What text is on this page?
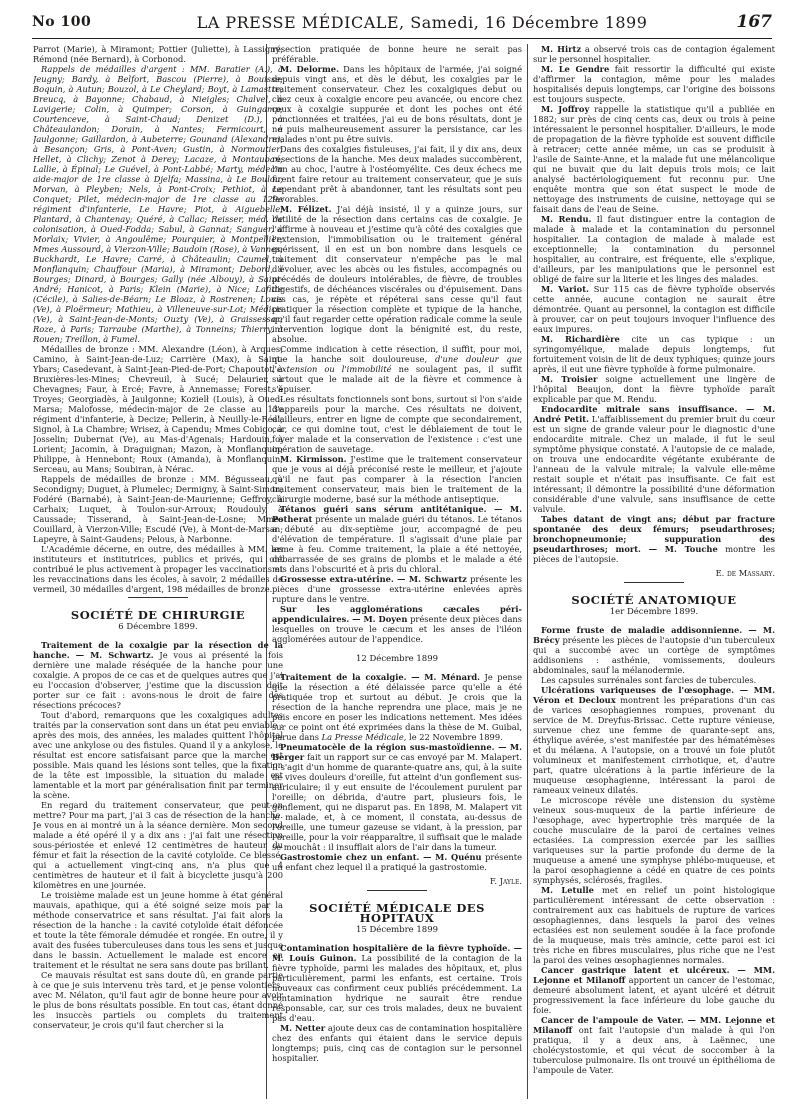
No 100	LA PRESSE MÉDICALE, Samedi, 16 Décembre 1899	167

Parrot (Marie), à Miramont; Pottier (Juliette), à Lassigny; Rémond (née Bernard), à Corbonod.

Rappels de médailles d'argent : MM. Baratier (A.), à Jeugny; Bardy, à Belfort, Bascou (Pierre), à Bouisse; Boquin, à Autun; Bouzol, à Le Cheylard; Boyt, à Lamastre; Breucq, à Bayonne; Chabaud, à Nieigles; Chalvel, à Lavigerie; Colin, à Quimper; Corson, à Guingamp; Courtenceve, à Saint-Chaud; Denizet (D.), à Châteaulandon; Dorain, à Nantes; Fermicourt, à Jaulgonne; Gaillardon, à Aubeterre; Gounand (Alexandre), à Besançon; Gris, à Pont-Aven; Gustin, à Normoutier; Hellet, à Clichy; Zenot à Derey; Lacaze, à Montauban; Lallie, à Épinal; Le Guével, à Pont-Labbé; Marty, médecin aide-major de 1re classe à Djelfa; Massina, à Le Boulou; Morvan, à Pleyben; Nels, à Pont-Croix; Pethiot, à Le Conquet; Pilet, médecin-major de 1re classe au 129e régiment d'infanterie, Le Havre; Piot, à Aiguebelle; Plantard, à Chantenay; Quéré, à Callac; Reisser, méd. de colonisation, à Oued-Fodda; Sabul, à Gannat; Sanguer, à Morlaix; Vivier, à Angoulême; Pourquier, à Montpellier; Mmes Aussourd, à Vierzon-Ville; Baudoin (Rose), à Vannes; Buckhardt, Le Havre; Carré, à Châteaulin; Caumel, à Monflanquin; Chauffour (Maria), à Miramont; Debord, à Bourges; Dinard, à Bourges; Gally (née Albouy), à Saint-André; Hanicot, à Paris; Klein (Marie), à Nice; Lafitte (Cécile), à Salies-de-Béarn; Le Bloaz, à Rostrenen; Louis (Ve), à Ploërmeur; Mathieu, à Villeneuve-sur-Lot; Médicis (Ve), à Saint-Jean-de-Monts; Ouzty (Ve), à Graissessac; Roze, à Paris; Tarraube (Marthe), à Tonneins; Thierry, à Rouen; Treillon, à Fumel.

Médailles de bronze : MM. Alexandre (Léon), à Arques; Camino, à Saint-Jean-de-Luz; Carrière (Max), à Saint-Ybars; Casedevant, à Saint-Jean-Pied-de-Port; Chapoutot, à Bruxières-les-Mines; Chevreuil, à Sucé; Delaurier, à Chevagnes; Faur, à Ercé; Favre, à Annemasse; Forest, à Troyes; Georgiadès, à Jaulgonne; Kozielł (Louis), à Oued-Marsa; Malofosse, médecin-major de 2e classe au 13e régiment d'infanterie, à Decize; Pellerin, à Neuilly-le-Réal; Signol, à La Chambre; Wrisez, à Capendu; Mmes Cobigo, à Josselin; Dubernat (Ve), au Mas-d'Agenais; Hardouin, à Lorient; Jacomin, à Draguignan; Mazon, à Monflanquin; Philippe, à Hennebont; Roux (Amanda), à Monflanquin; Serceau, au Mans; Soubiran, à Nérac.

Rappels de médailles de bronze : MM. Bégusseau, à Secondigny; Duguet, à Plumelec; Dermigny, à Saint-Simon; Fodéré (Barnabé), à Saint-Jean-de-Maurienne; Geffroy, à Carhaix; Luquet, à Toulon-sur-Arroux; Roudouly, à Caussade; Tisserand, à Saint-Jean-de-Losne; Mmes Couillard, à Vierzon-Ville; Escudé (Ve), à Mont-de-Marsan; Lapeyre, à Saint-Gaudens; Pelous, à Narbonne.

L'Académie décerne, en outre, des médailles à MM. les instituteurs et institutrices, publics et privés, qui ont contribué le plus activement à propager les vaccinations et les revaccinations dans les écoles, à savoir, 2 médailles de vermeil, 30 médailles d'argent, 198 médailles de bronze.

SOCIÉTÉ DE CHIRURGIE
6 Décembre 1899.

Traitement de la coxalgie par la résection de la hanche. — M. Schwartz. Je vous ai présenté la fois dernière une malade réséquée de la hanche pour une coxalgie. A propos de ce cas et de quelques autres que j'ai eu l'occasion d'observer, j'estime que la discussion doit porter sur ce fait : avons-nous le droit de faire des résections précoces?

Tout d'abord, remarquons que les coxalgiques adultes traités par la conservation sont dans un état peu enviable : après des mois, des années, les malades quittent l'hôpital avec une ankylose ou des fistules. Quand il y a ankylose, le résultat est encore satisfaisant parce que la marche est possible. Mais quand les lésions sont telles, que la fixation de la tête est impossible, la situation du malade est lamentable et la mort par généralisation finit par terminer la scène.

En regard du traitement conservateur, que peut-on mettre? Pour ma part, j'ai 3 cas de résection de la hanche. Je vous en ai montré un à la séance dernière. Mon second malade a été opéré il y a dix ans : j'ai fait une résection sous-périostée et enlevé 12 centimètres de hauteur du fémur et fait la résection de la cavité cotyloïde. Ce blessé, qui a actuellement vingt-cinq ans, n'a plus que 4 centimètres de hauteur et il fait à bicyclette jusqu'à 200 kilomètres en une journée.

Le troisième malade est un jeune homme à état général mauvais, apathique, qui a été soigné seize mois par la méthode conservatrice et sans résultat. J'ai fait alors la résection de la hanche : la cavité cotyloïde était défoncée et toute la tête fémorale démudée et rongée. En outre, il y avait des fusées tuberculeuses dans tous les sens et jusque dans le bassin. Actuellement le malade est encore en traitement et le résultat ne sera sans doute pas brillant.

Ce mauvais résultat est sans doute dû, en grande partie à ce que je suis intervenu très tard, et je pense volontiers, avec M. Nélaton, qu'il faut agir de bonne heure pour avoir le plus de bons résultats possible. En tout cas, étant donné les insuccès partiels ou complets du traitement conservateur, je crois qu'il faut chercher si la

résection pratiquée de bonne heure ne serait pas préférable.

M. Delorme. Dans les hôpitaux de l'armée, j'ai soigné depuis vingt ans, et dès le début, les coxalgies par le traitement conservateur. Chez les coxalgiques debut ou chez ceux à coxalgie encore peu avancée, ou encore chez ceux à coxalgie suppurée et dont les poches ont été ponctionnées et traitées, j'ai eu de bons résultats, dont je ne puis malheureusement assurer la persistance, car les malades n'ont pu être suivis.

Dans des coxalgies fistuleuses, j'ai fait, il y dix ans, deux résections de la hanche. Mes deux malades succombèrent, l'un au choc, l'autre à l'ostéomyélite. Ces deux échecs me firent faire retour au traitement conservateur, que je suis cependant prêt à abandonner, tant les résultats sont peu favorables.

M. Félizet. J'ai déjà insisté, il y a quinze jours, sur l'utilité de la résection dans certains cas de coxalgie. Je l'affirme à nouveau et j'estime qu'à côté des coxalgies que l'extension, l'immobilisation ou le traitement général guérissent, il en est un bon nombre dans lesquels ce traitement dit conservateur n'empêche pas le mal d'évoluer, avec les abcès ou les fistules, accompagnés ou précédés de douleurs intolérables, de fièvre, de troubles digestifs, de déchéances viscérales ou d'épuisement. Dans ces cas, je répète et répéterai sans cesse qu'il faut pratiquer la résection complète et typique de la hanche, qu'il faut regarder cette opération radicale comme la seule intervention logique dont la bénignité est, du reste, absolue.

Comme indication à cette résection, il suffit, pour moi, que la hanche soit douloureuse, d'une douleur que l'extension ou l'immobilité ne soulagent pas, il suffit surtout que le malade ait de la fièvre et commence à s'épuiser.

Les résultats fonctionnels sont bons, surtout si l'on s'aide d'appareils pour la marche. Ces résultats ne doivent, d'ailleurs, entrer en ligne de compte que secondairement, car, ce qui domine tout, c'est le déblaiement de tout le foyer malade et la conservation de l'existence : c'est une opération de sauvetage.

M. Kirmisson. J'estime que le traitement conservateur que je vous ai déjà préconisé reste le meilleur, et j'ajoute qu'il ne faut pas comparer à la résection l'ancien traitement conservateur, mais bien le traitement de la chirurgie moderne, basé sur la méthode antiseptique.

Tétanos guéri sans sérum antitétanique. — M. Potherat présente un malade guéri du tétanos. Le tétanos a débuté au dix-septième jour, accompagné de peu d'élévation de température. Il s'agissait d'une plaie par arme à feu. Comme traitement, la plaie a été nettoyée, débarrassée de ses grains de plombs et le malade a été mis dans l'obscurité et à pris du chloral.

Grossesse extra-utérine. — M. Schwartz présente les pièces d'une grossesse extra-utérine enlevées après rupture dans le ventre.

Sur les agglomérations cæcales péri-appendiculaires. — M. Doyen présente deux pièces dans lesquelles on trouve le cæcum et les anses de l'iléon agglomérées autour de l'appendice.

12 Décembre 1899

Traitement de la coxalgie. — M. Ménard. Je pense que la résection a été délaissée parce qu'elle a été pratiquée trop et surtout au début. Je crois que la résection de la hanche reprendra une place, mais je ne puis encore en poser les indications nettement. Mes idées sur ce point ont été exprimées dans la thèse de M. Guibal, parue dans La Presse Médicale, le 22 Novembre 1899.

Pneumatocèle de la région sus-mastoïdienne. — M. Berger fait un rapport sur ce cas envoyé par M. Malapert. Il s'agit d'un homme de quarante-quatre ans, qui, à la suite de vives douleurs d'oreille, fut atteint d'un gonflement sus-auriculaire; il y eut ensuite de l'écoulement purulent par l'oreille; on débrida, d'autre part, plusieurs fois, le gonflement, qui ne disparut pas. En 1898, M. Malapert vit le malade, et, à ce moment, il constata, au-dessus de l'oreille, une tumeur gazeuse se vidant, à la pression, par l'oreille, pour la voir réapparaître, il suffisait que le malade se mouchât : il insufflait alors de l'air dans la tumeur.

Gastrostomie chez un enfant. — M. Quénu présente un enfant chez lequel il a pratiqué la gastrostomie.

F. Jayle.
SOCIÉTÉ MÉDICALE DES HOPITAUX
15 Décembre 1899

Contamination hospitalière de la fièvre typhoïde. — M. Louis Guinon. La possibilité de la contagion de la fièvre typhoïde, parmi les malades des hôpitaux, et, plus particulièrement, parmi les enfants, est certaine. Trois nouveaux cas confirment ceux publiés précédemment. La contamination hydrique ne saurait être rendue responsable, car, sur ces trois malades, deux ne buvaient pas d'eau.

M. Netter ajoute deux cas de contamination hospitalière chez des enfants qui étaient dans le service depuis longtemps; puis, cinq cas de contagion sur le personnel hospitalier.

M. Hirtz a observé trois cas de contagion également sur le personnel hospitalier.

M. Le Gendre fait ressortir la difficulté qui existe d'affirmer la contagion, même pour les malades hospitalisés depuis longtemps, car l'origine des boissons est toujours suspecte.

M. Joffroy rappelle la statistique qu'il a publiée en 1882; sur près de cinq cents cas, deux ou trois à peine intéressaient le personnel hospitalier. D'ailleurs, le mode de propagation de la fièvre typhoïde est souvent difficile à retracer; cette année même, un cas se produisit à l'asile de Sainte-Anne, et la malade fut une mélancolique qui ne buvait que du lait depuis trois mois; ce lait analysé bactériologiquement fut reconnu pur. Une enquête montra que son état suspect le mode de nettoyage des instruments de cuisine, nettoyage qui se faisait dans de l'eau de Seine.

M. Rendu. Il faut distinguer entre la contagion de malade à malade et la contamination du personnel hospitalier. La contagion de malade à malade est exceptionnelle; la contamination du personnel hospitalier, au contraire, est fréquente, elle s'explique, d'ailleurs, par les manipulations que le personnel est obligé de faire sur la literie et les linges des malades.

M. Variot. Sur 115 cas de fièvre typhoïde observés cette année, aucune contagion ne saurait être démontrée. Quant au personnel, la contagion est difficile à prouver, car on peut toujours invoquer l'influence des eaux impures.

M. Richardière cite un cas typique : un syringomyélique, malade depuis longtemps, fut fortuitement voisin de lit de deux typhiques; quinze jours après, il eut une fièvre typhoïde à forme pulmonaire.

M. Troisier soigne actuellement une lingère de l'hôpital Beaujon, dont la fièvre typhoïde paraît explicable par que M. Rendu.

Endocardite mitrale sans insuffisance. — M. André Petit. L'affaiblissement du premier bruit du cœur est un signe de grande valeur pour le diagnostic d'une endocardite mitrale. Chez un malade, il fut le seul symptôme physique constaté. A l'autopsie de ce malade, on trouva une endocardite végétante exubérante de l'anneau de la valvule mitrale; la valvule elle-même restait souple et n'était pas insuffisante. Ce fait est intéressant; il démontre la possibilité d'une déformation considérable d'une valvule, sans insuffisance de cette valvule.

Tabes datant de vingt ans; début par fracture spontanée des deux fémurs; pseudarthroses; bronchopneumonie; suppuration des pseudarthroses; mort. — M. Touche montre les pièces de l'autopsie.

E. de Massary.
SOCIÉTÉ ANATOMIQUE
1er Décembre 1899.

Forme fruste de maladie addisonnienne. — M. Brécy présente les pièces de l'autopsie d'un tuberculeux qui a succombé avec un cortège de symptômes addisoniens : asthénie, vomissements, douleurs abdominales, sauf la mélanodermie.

Les capsules surrénales sont farcies de tubercules.

Ulcérations variqueuses de l'œsophage. — MM. Véron et Decloux montrent les préparations d'un cas de varices œsophagiennes rompues, provenant du service de M. Dreyfus-Brissac. Cette rupture vénieuse, survenue chez une femme de quarante-sept ans, éthylique avérée, s'est manifestée par des hématémèses et du mélæna. A l'autopsie, on a trouvé un foie plutôt volumineux et manifestement cirrhotique, et, d'autre part, quatre ulcérations à la partie inférieure de la muqueuse œsophagienne, intéressant la paroi de rameaux veineux dilatés.

Le microscope révèle une distension du système veineux sous-muqueux de la partie inférieure de l'œsophage, avec hypertrophie très marquée de la couche musculaire de la paroi de certaines veines ectasiées. La compression exercée par les saillies variqueuses sur la partie profonde du derme de la muqueuse a amené une symphyse phlébo-muqueuse, et la paroi œsophagienne a cédé en quatre de ces points symphysés, sclérosés, fragiles.

M. Letulle met en relief un point histologique particulièrement intéressant de cette observation : contrairement aux cas habituels de rupture de varices œsophagiennes, dans lesquels la paroi des veines ectasiées est non seulement soudée à la face profonde de la muqueuse, mais très amincie, cette paroi est ici très riche en fibres musculaires, plus riche que ne l'est la paroi des veines œsophagiennes normales.

Cancer gastrique latent et ulcéreux. — MM. Lejonne et Milanoff apportent un cancer de l'estomac, demeuré absolument latent, et ayant ulcéré et détruit progressivement la face inférieure du lobe gauche du foie.

Cancer de l'ampoule de Vater. — MM. Lejonne et Milanoff ont fait l'autopsie d'un malade à qui l'on pratiqua, il y a deux ans, à Laënnec, une cholécystostomie, et qui vécut de soccomber à la tuberculose pulmonaire. Ils ont trouvé un épithélioma de l'ampoule de Vater.
